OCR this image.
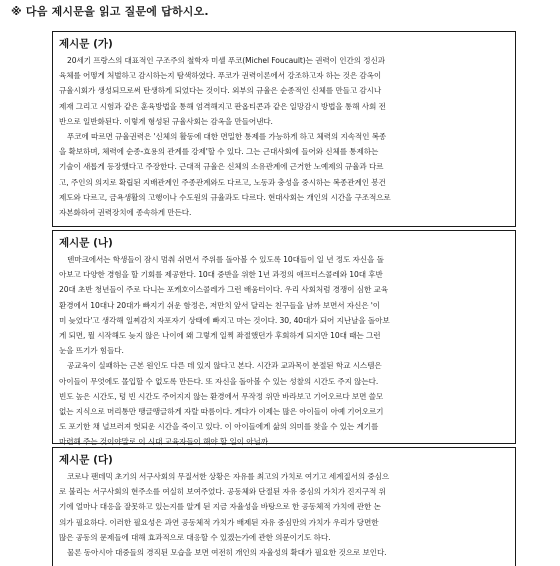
※ 다음 제시문을 읽고 질문에 답하시오.
제시문 (가)
20세기 프랑스의 대표적인 구조주의 철학자 미셸 푸코(Michel Foucault)는 권력이 인간의 정신과
육체를 어떻게 처벌하고 감시하는지 탐색하였다. 푸코가 권력이론에서 강조하고자 하는 것은 감옥이
규율시회가 생성되므로써 탄생하게 되었다는 것이다. 외부의 규율은 순종적인 신체를 만들고 감시나
제재 그리고 시험과 같은 훈육방법을 통해 엄격해지고 판옵티콘과 같은 일망감시 방법을 통해 사회 전
반으로 일반화된다. 이렇게 형성된 규율사회는 감옥을 만들어낸다.
푸코에 따르면 규율권력은 '신체의 활동에 대한 면밀한 통제를 가능하게 하고 체력의 지속적인 복종
을 확보하며, 체력에 순종-효용의 관계를 강제'할 수 있다. 그는 근대사회에 들어와 신체를 통제하는
기술이 새롭게 등장했다고 주장한다. 근대적 규율은 신체의 소유관계에 근거한 노예제의 규율과 다르
고, 주인의 의지로 확립된 지배관계인 주종관계와도 다르고, 노동과 충성을 중시하는 복종관계인 봉건
제도와 다르고, 금욕생활의 고행이나 수도원의 규율과도 다르다. 현대사회는 개인의 시간을 구조적으로
자본화하여 권력장치에 종속하게 만든다.
제시문 (나)
덴마크에서는 학생들이 잠시 멈춰 쉬면서 주위를 돌아볼 수 있도록 10대들이 일 년 정도 자신을 돌
아보고 다양한 경험을 할 기회를 제공한다. 10대 중반을 위한 1년 과정의 애프터스콜레와 10대 후반
20대 초반 청년들이 주로 다니는 포케호이스콜레가 그런 배움터이다. 우리 사회처럼 경쟁이 심한 교육
환경에서 10대나 20대가 빠지기 쉬운 함정은, 저만치 앞서 달리는 친구들을 남까 보면서 자신은 '이
미 늦었다'고 생각해 일찌감치 자포자기 상태에 빠지고 마는 것이다. 30, 40대가 되어 지난날을 돌아보
게 되면, 뭘 시작해도 늦지 않은 나이에 왜 그렇게 일찍 좌절했던가 후회하게 되지만 10대 때는 그런
눈을 뜨기가 힘들다.
공교육이 실패하는 근본 원인도 다른 데 있지 않다고 본다. 시간과 교과목이 분절된 학교 시스템은
아이들이 무엇에도 몰입할 수 없도록 만든다. 또 자신을 돌아볼 수 있는 성찰의 시간도 주지 않는다.
빈도 높은 시간도, 텅 빈 시간도 주어지지 않는 환경에서 무작정 위만 바라보고 기어오르다 보면 쓸모
없는 지식으로 머리통만 땡글땡글하게 자랄 따름이다. 게다가 이제는 많은 아이들이 아예 기어오르기
도 포기한 채 널브러져 헛되운 시간을 죽이고 있다. 이 아이들에게 삶의 의미를 찾을 수 있는 계기를
마련해 주는 것이야말로 이 시대 교육자들이 해야 할 일이 아닐까.
제시문 (다)
코로나 팬데믹 초기의 서구사회의 무질서한 상황은 자유를 최고의 가치로 여기고 세계질서의 중심으
로 불리는 서구사회의 현주소를 여실히 보여주었다. 공동체와 단절된 자유 중심의 가치가 진지구적 위
기에 얼마나 대응을 잘못하고 있는지를 알게 된 지금 자율성을 바탕으로 한 공동체적 가치에 관한 논
의가 필요하다. 이러한 필요성은 과연 공동체적 가치가 배제된 자유 중심만의 가치가 우리가 당면한
많은 공동의 문제들에 대해 효과적으로 대응할 수 있겠는가에 관한 의문이기도 하다.
물론 동아시아 대중들의 경직된 모습을 보면 여전히 개인의 자율성의 확대가 필요한 것으로 보인다.
